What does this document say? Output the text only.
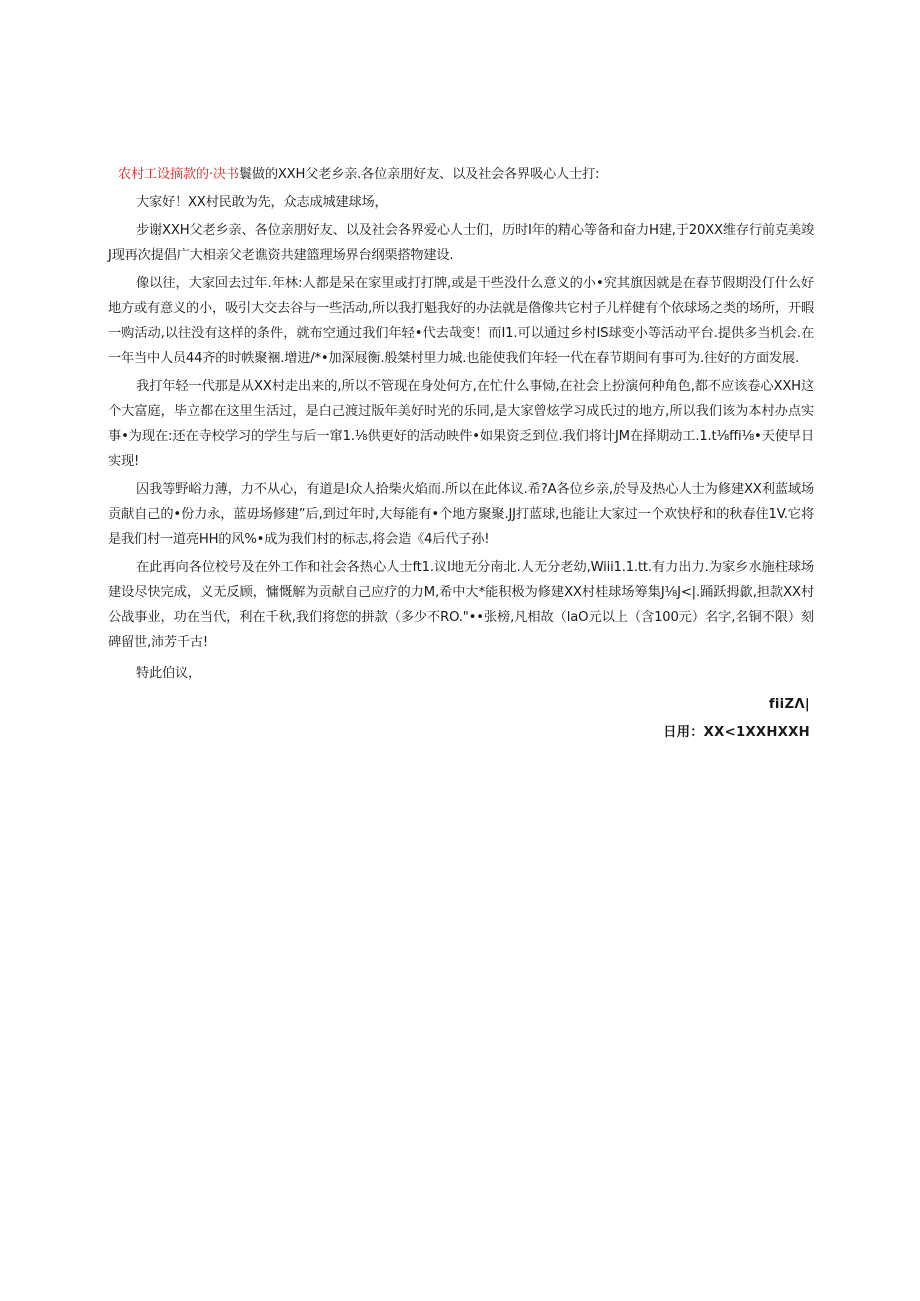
农村工设摘款的·决书鬟做的XXH父老乡亲.各位亲朋好友、以及社会各界吸心人士打:

大家好！XX村民敢为先，众志成城建球场，

步谢XXH父老乡亲、各位亲朋好友、以及社会各界爱心人士们，历时I年的精心等备和奋力H建,于20XX维存行前克美竣J现再次提倡广大相亲父老谯资共建篮理场界台纲栗搭物建设.

像以往，大家回去过年.年林:人都是呆在家里或打打牌,或是干些没什么意义的小•究其旗因就是在春节假期没仃什么好地方或有意义的小，吸引大交去谷与一些活动,所以我打魁我好的办法就是偺像共它村子儿样健有个依球场之类的场所，开暇一购活动,以往没有这样的条件，就布空通过我们年轻•代去哉变！而I1.可以通过乡村IS球变小等活动平台.提供多当机会.在一年当中人员44齐的时帙聚裍.增进/*•加深屐衡.般桀村里力城.也能使我们年轻一代在春节期间有事可为.往好的方面发展.

我打年轻一代那是从XX村走出来的,所以不管现在身处何方,在忙什么事恸,在社会上扮演何种角色,都不应该卷心XXH这个大富庭，毕立都在这里生活过，是白己渡过版年美好时光的乐同,是大家曾炫学习成氏过的地方,所以我们该为本村办点实事•为现在:还在寺校学习的学生与后一窜1.⅛供更好的活动映件•如果资乏到位.我们将计JM在择期动工.1.t⅛ffi⅛•天使早日实现!

囚我等野峪力薄，力不从心，有道是I众人拾柴火焰而.所以在此体议.希?A各位乡亲,於导及热心人士为修建XX利蓝域场贡献自己的•份力永，蓝毋场修建”后,到过年时,大每能有•个地方聚聚.JJ打蓝球,也能让大家过一个欢快杼和的秋春住1V.它将是我们村一道亮HH的风%•成为我们村的标志,将会造《4后代子孙!

在此再向各位校号及在外工作和社会各热心人士ft1.议l地无分南北.人无分老幼,Wiii1.1.tt.有力出力.为家乡水施柱球场建设尽快完成，义无反顾，慵慨解为贡献自己应疗的力M,希中大*能积极为修建XX村桂球场筹集J⅛J<|.踊跃拇歙,担款XX村公战事业，功在当代，利在千秋,我们将您的拼款（多少不RO."••张榜,凡相故（laO元以上（含100元）名字,名铜不限）刻碑留世,沛芳千古!

特此伯议，

fiiZΛ|

日用：XX<1XXHXXH
